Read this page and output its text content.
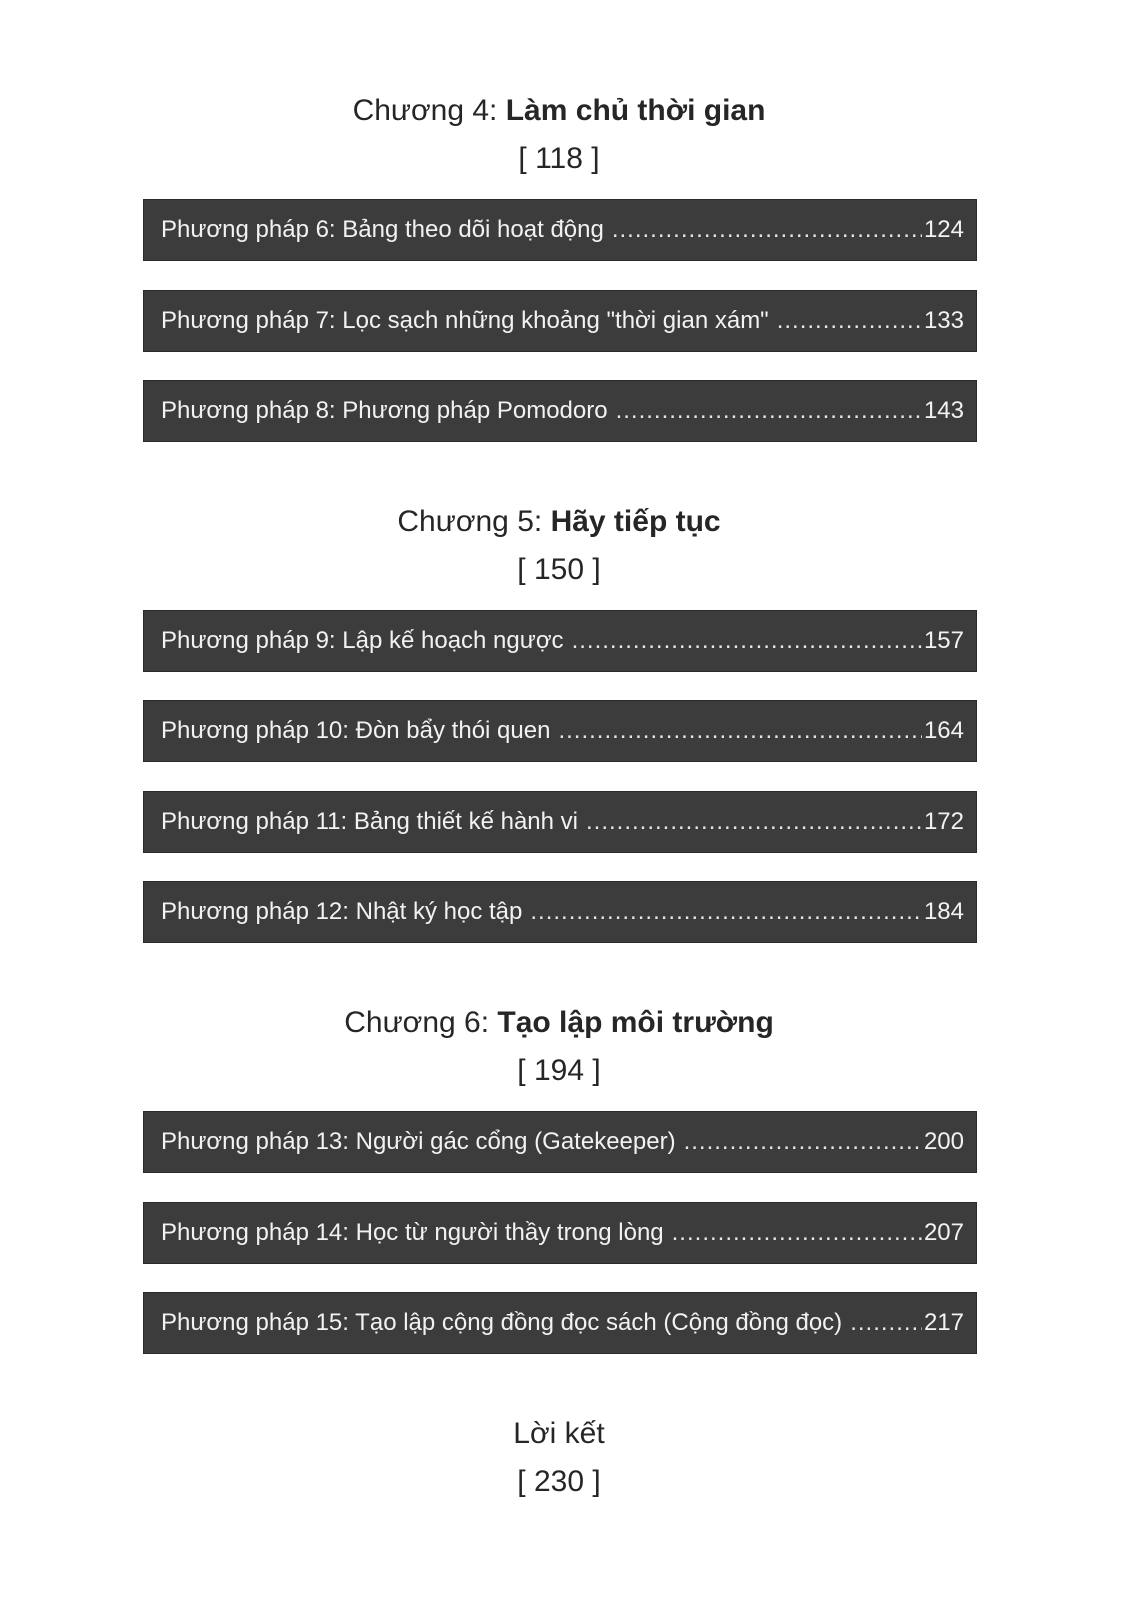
Chương 4: Làm chủ thời gian
[ 118 ]
Phương pháp 6: Bảng theo dõi hoạt động .....	124
Phương pháp 7: Lọc sạch những khoảng "thời gian xám" .....	133
Phương pháp 8: Phương pháp Pomodoro .....	143
Chương 5: Hãy tiếp tục
[ 150 ]
Phương pháp 9: Lập kế hoạch ngược .....	157
Phương pháp 10: Đòn bẩy thói quen .....	164
Phương pháp 11: Bảng thiết kế hành vi .....	172
Phương pháp 12: Nhật ký học tập .....	184
Chương 6: Tạo lập môi trường
[ 194 ]
Phương pháp 13: Người gác cổng (Gatekeeper) .....	200
Phương pháp 14: Học từ người thầy trong lòng .....	207
Phương pháp 15: Tạo lập cộng đồng đọc sách (Cộng đồng đọc) .....	217
Lời kết
[ 230 ]
